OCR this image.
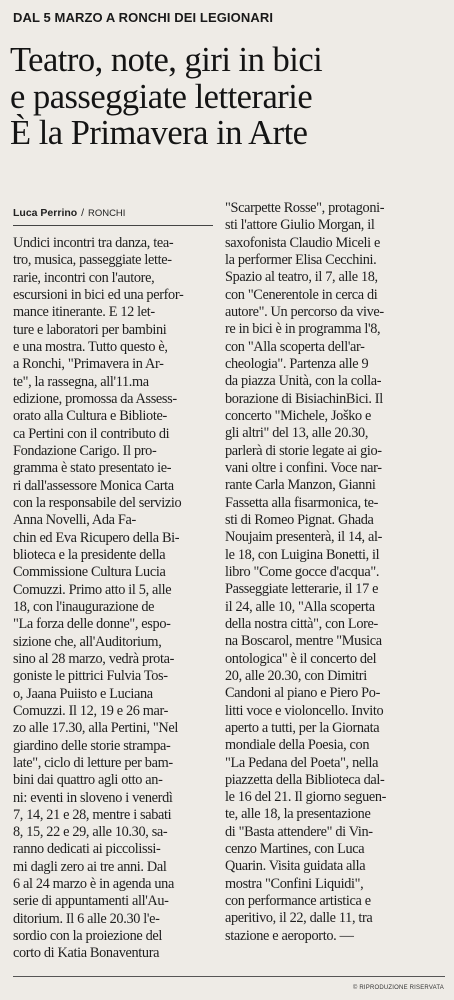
DAL 5 MARZO A RONCHI DEI LEGIONARI
Teatro, note, giri in bici
e passeggiate letterarie
È la Primavera in Arte
Luca Perrino / RONCHI
Undici incontri tra danza, tea-
tro, musica, passeggiate lette-
rarie, incontri con l'autore,
escursioni in bici ed una perfor-
mance itinerante. E 12 let-
ture e laboratori per bambini
e una mostra. Tutto questo è,
a Ronchi, "Primavera in Ar-
te", la rassegna, all'11.ma
edizione, promossa da Assess-
orato alla Cultura e Bibliote-
ca Pertini con il contributo di
Fondazione Carigo. Il pro-
gramma è stato presentato ie-
ri dall'assessore Monica Carta
con la responsabile del servizio
Anna Novelli, Ada Fa-
chin ed Eva Ricupero della Bi-
blioteca e la presidente della
Commissione Cultura Lucia
Comuzzi. Primo atto il 5, alle
18, con l'inaugurazione de
"La forza delle donne", espo-
sizione che, all'Auditorium,
sino al 28 marzo, vedrà prota-
goniste le pittrici Fulvia Tos-
o, Jaana Puiisto e Luciana
Comuzzi. Il 12, 19 e 26 mar-
zo alle 17.30, alla Pertini, "Nel
giardino delle storie strampa-
late", ciclo di letture per bam-
bini dai quattro agli otto an-
ni: eventi in sloveno i venerdì
7, 14, 21 e 28, mentre i sabati
8, 15, 22 e 29, alle 10.30, sa-
ranno dedicati ai piccolissi-
mi dagli zero ai tre anni. Dal
6 al 24 marzo è in agenda una
serie di appuntamenti all'Au-
ditorium. Il 6 alle 20.30 l'e-
sordio con la proiezione del
corto di Katia Bonaventura
"Scarpette Rosse", protagoni-
sti l'attore Giulio Morgan, il
saxofonista Claudio Miceli e
la performer Elisa Cecchini.
Spazio al teatro, il 7, alle 18,
con "Cenerentole in cerca di
autore". Un percorso da vive-
re in bici è in programma l'8,
con "Alla scoperta dell'ar-
cheologia". Partenza alle 9
da piazza Unità, con la colla-
borazione di BisiachinBici. Il
concerto "Michele, Joško e
gli altri" del 13, alle 20.30,
parlerà di storie legate ai gio-
vani oltre i confini. Voce nar-
rante Carla Manzon, Gianni
Fassetta alla fisarmonica, te-
sti di Romeo Pignat. Ghada
Noujaim presenterà, il 14, al-
le 18, con Luigina Bonetti, il
libro "Come gocce d'acqua".
Passeggiate letterarie, il 17 e
il 24, alle 10, "Alla scoperta
della nostra città", con Lore-
na Boscarol, mentre "Musica
ontologica" è il concerto del
20, alle 20.30, con Dimitri
Candoni al piano e Piero Po-
litti voce e violoncello. Invito
aperto a tutti, per la Giornata
mondiale della Poesia, con
"La Pedana del Poeta", nella
piazzetta della Biblioteca dal-
le 16 del 21. Il giorno seguen-
te, alle 18, la presentazione
di "Basta attendere" di Vin-
cenzo Martines, con Luca
Quarin. Visita guidata alla
mostra "Confini Liquidi",
con performance artistica e
aperitivo, il 22, dalle 11, tra
stazione e aeroporto. —
© RIPRODUZIONE RISERVATA
